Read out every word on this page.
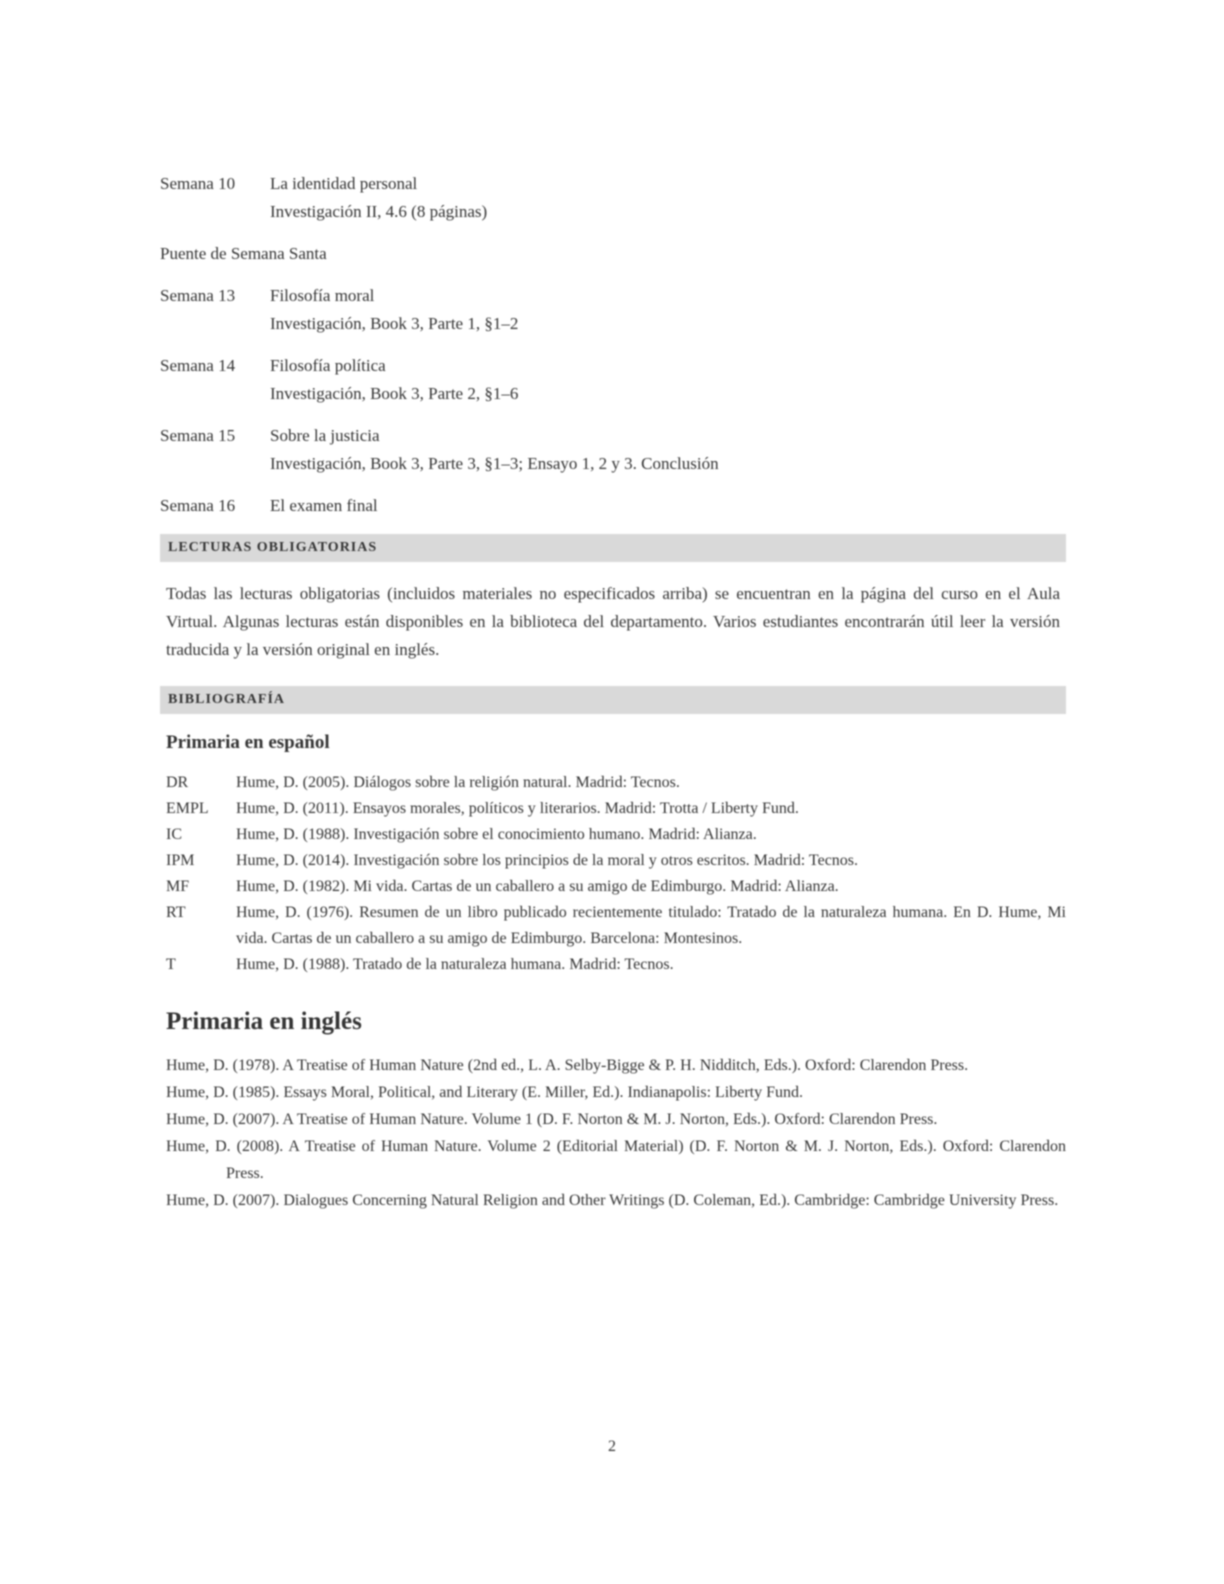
Semana 10	La identidad personal
Investigación II, 4.6 (8 páginas)
Puente de Semana Santa
Semana 13	Filosofía moral
Investigación, Book 3, Parte 1, §1–2
Semana 14	Filosofía política
Investigación, Book 3, Parte 2, §1–6
Semana 15	Sobre la justicia
Investigación, Book 3, Parte 3, §1–3; Ensayo 1, 2 y 3. Conclusión
Semana 16	El examen final
LECTURAS OBLIGATORIAS
Todas las lecturas obligatorias (incluidos materiales no especificados arriba) se encuentran en la página del curso en el Aula Virtual. Algunas lecturas están disponibles en la biblioteca del departamento. Varios estudiantes encontrarán útil leer la versión traducida y la versión original en inglés.
BIBLIOGRAFÍA
Primaria en español
DR	Hume, D. (2005). Diálogos sobre la religión natural. Madrid: Tecnos.
EMPL	Hume, D. (2011). Ensayos morales, políticos y literarios. Madrid: Trotta / Liberty Fund.
IC	Hume, D. (1988). Investigación sobre el conocimiento humano. Madrid: Alianza.
IPM	Hume, D. (2014). Investigación sobre los principios de la moral y otros escritos. Madrid: Tecnos.
MF	Hume, D. (1982). Mi vida. Cartas de un caballero a su amigo de Edimburgo. Madrid: Alianza.
RT	Hume, D. (1976). Resumen de un libro publicado recientemente titulado: Tratado de la naturaleza humana. En D. Hume, Mi vida. Cartas de un caballero a su amigo de Edimburgo. Barcelona: Montesinos.
T	Hume, D. (1988). Tratado de la naturaleza humana. Madrid: Tecnos.
Primaria en inglés
Hume, D. (1978). A Treatise of Human Nature (2nd ed., L. A. Selby-Bigge & P. H. Nidditch, Eds.). Oxford: Clarendon Press.
Hume, D. (1985). Essays Moral, Political, and Literary (E. Miller, Ed.). Indianapolis: Liberty Fund.
Hume, D. (2007). A Treatise of Human Nature. Volume 1 (D. F. Norton & M. J. Norton, Eds.). Oxford: Clarendon Press.
Hume, D. (2008). A Treatise of Human Nature. Volume 2 (Editorial Material) (D. F. Norton & M. J. Norton, Eds.). Oxford: Clarendon Press.
Hume, D. (2007). Dialogues Concerning Natural Religion and Other Writings (D. Coleman, Ed.). Cambridge: Cambridge University Press.
2
